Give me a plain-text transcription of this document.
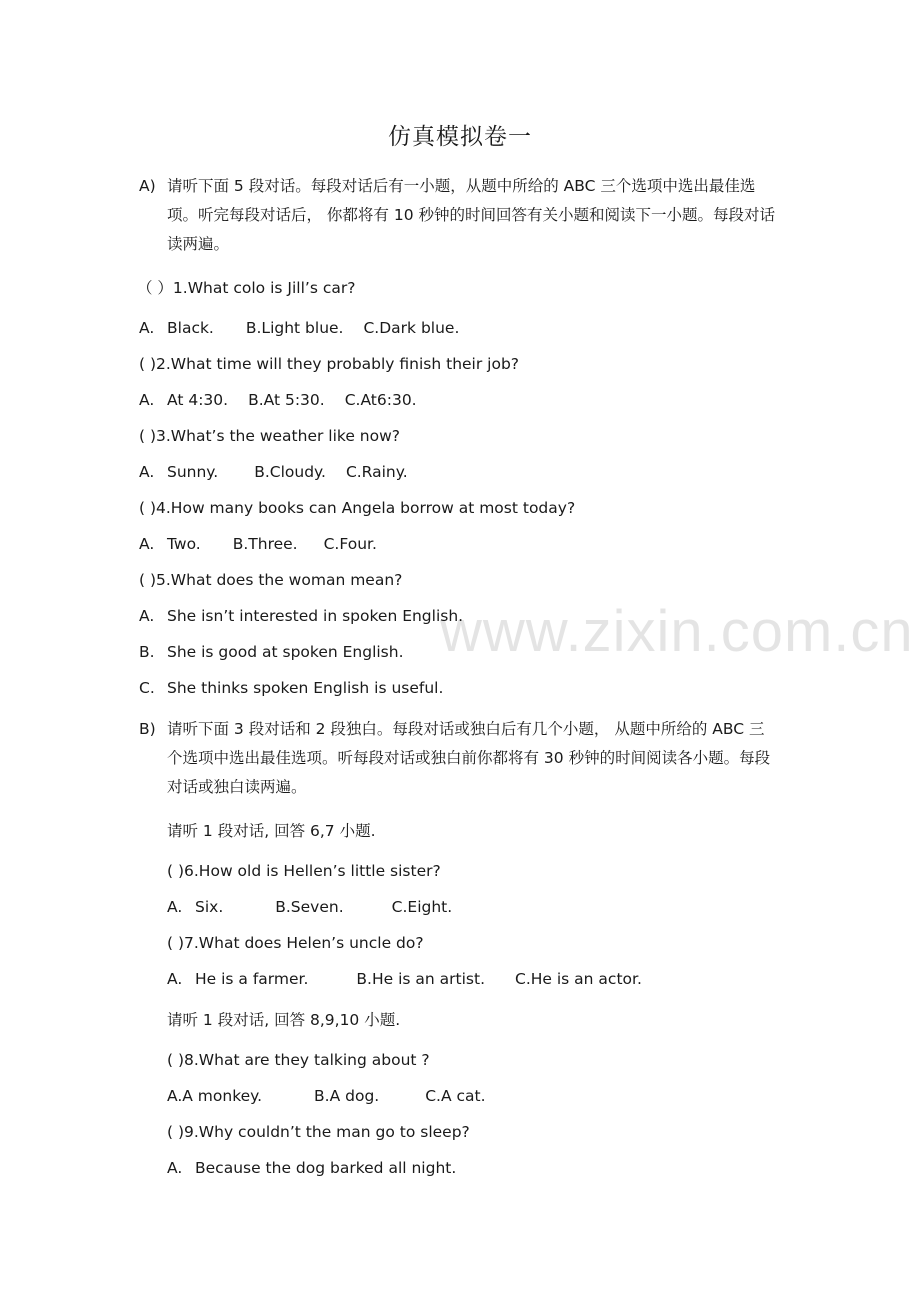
仿真模拟卷一
A) 请听下面 5 段对话。每段对话后有一小题，从题中所给的 ABC 三个选项中选出最佳选项。听完每段对话后， 你都将有 10 秒钟的时间回答有关小题和阅读下一小题。每段对话读两遍。
（ ）1.What colo is Jill’s car?
A. Black. B.Light blue. C.Dark blue.
( )2.What time will they probably finish their job?
A. At 4:30. B.At 5:30. C.At6:30.
( )3.What’s the weather like now?
A. Sunny. B.Cloudy. C.Rainy.
( )4.How many books can Angela borrow at most today?
A. Two. B.Three. C.Four.
( )5.What does the woman mean?
A. She isn’t interested in spoken English.
B. She is good at spoken English.
C. She thinks spoken English is useful.
B) 请听下面 3 段对话和 2 段独白。每段对话或独白后有几个小题， 从题中所给的 ABC 三个选项中选出最佳选项。听每段对话或独白前你都将有 30 秒钟的时间阅读各小题。每段对话或独白读两遍。
请听 1 段对话, 回答 6,7 小题.
( )6.How old is Hellen’s little sister?
A. Six.	B.Seven.	C.Eight.
( )7.What does Helen’s uncle do?
A. He is a farmer.	B.He is an artist. C.He is an actor.
请听 1 段对话, 回答 8,9,10 小题.
( )8.What are they talking about ?
A.A monkey.	B.A dog.	C.A cat.
( )9.Why couldn’t the man go to sleep?
A. Because the dog barked all night.
www.zixin.com.cn
